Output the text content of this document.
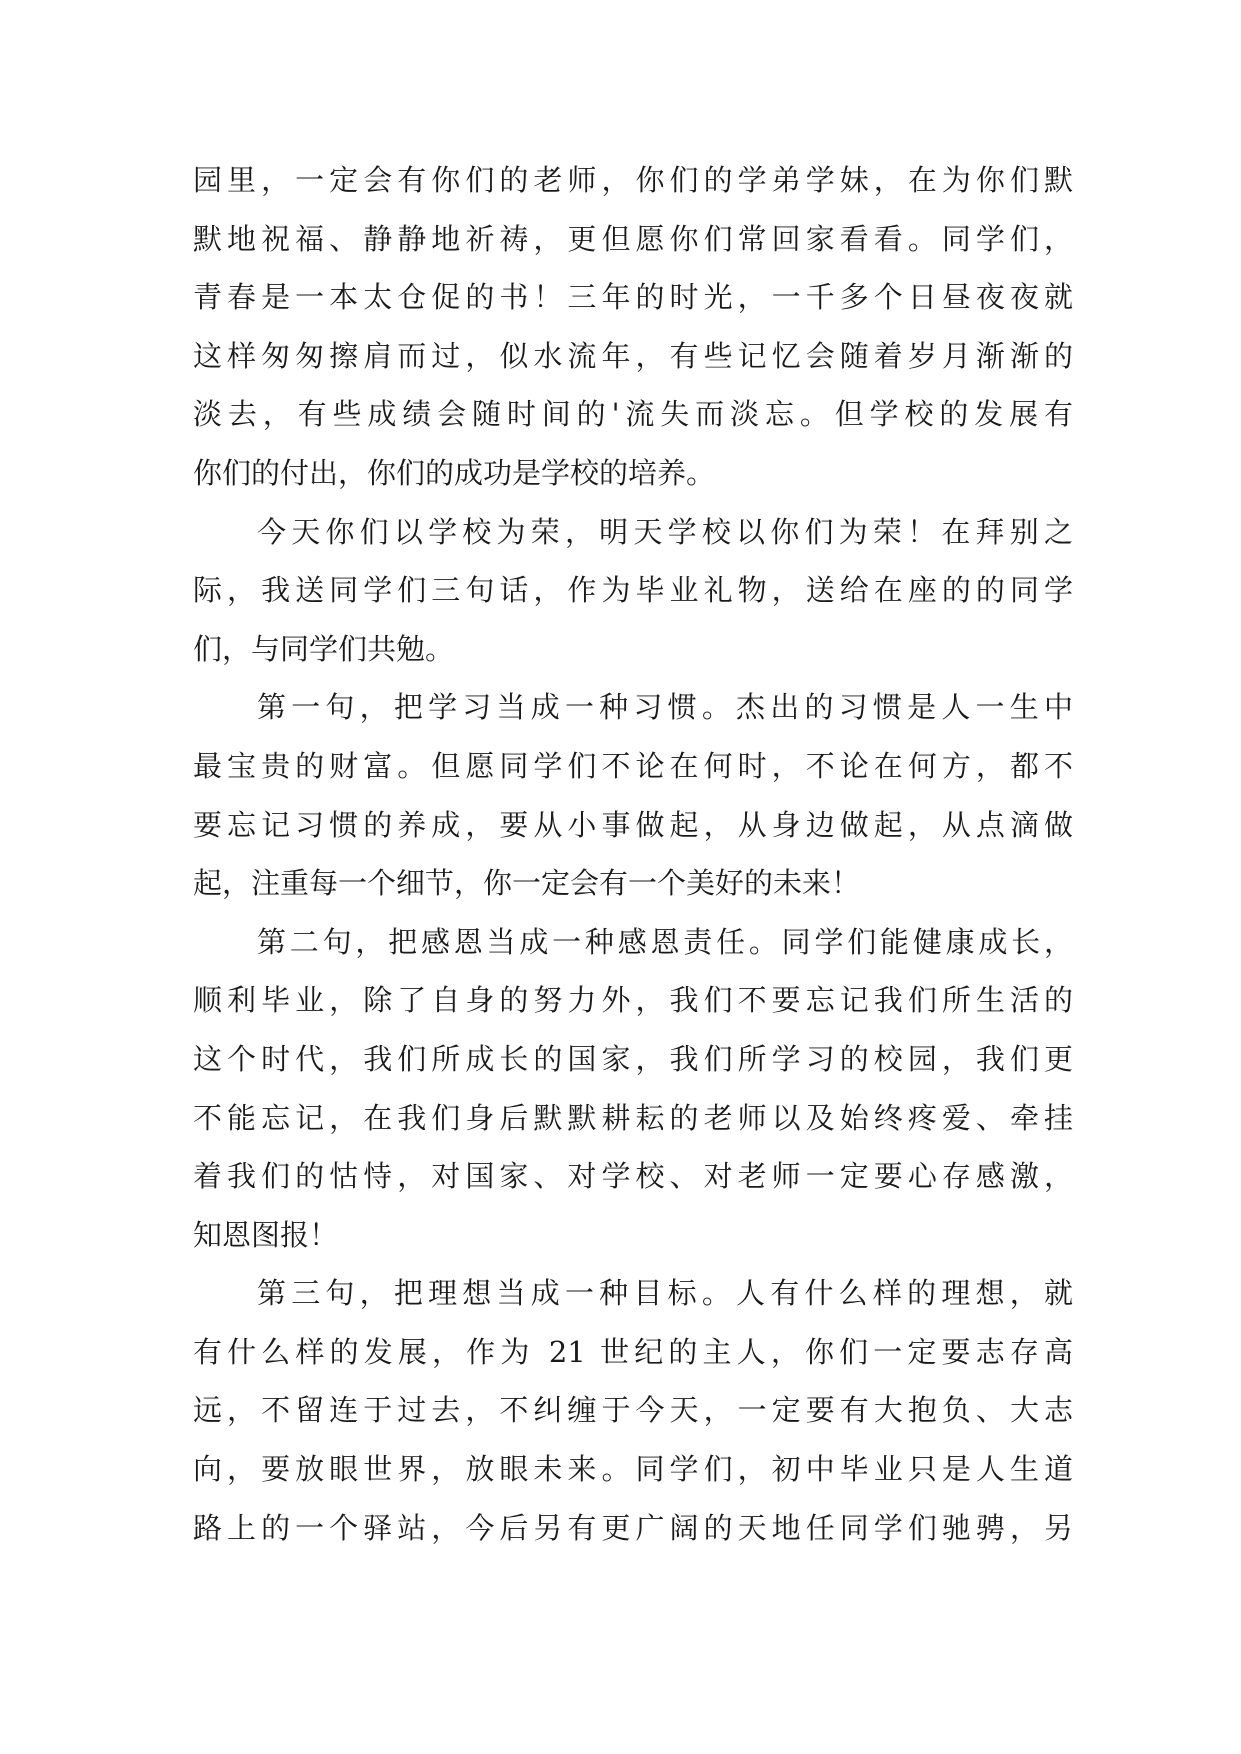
园里，一定会有你们的老师，你们的学弟学妹，在为你们默
默地祝福、静静地祈祷，更但愿你们常回家看看。同学们，
青春是一本太仓促的书！三年的时光，一千多个日昼夜夜就
这样匆匆擦肩而过，似水流年，有些记忆会随着岁月渐渐的
淡去，有些成绩会随时间的'流失而淡忘。但学校的发展有
你们的付出，你们的成功是学校的培养。
今天你们以学校为荣，明天学校以你们为荣！在拜别之
际，我送同学们三句话，作为毕业礼物，送给在座的的同学
们，与同学们共勉。
第一句，把学习当成一种习惯。杰出的习惯是人一生中
最宝贵的财富。但愿同学们不论在何时，不论在何方，都不
要忘记习惯的养成，要从小事做起，从身边做起，从点滴做
起，注重每一个细节，你一定会有一个美好的未来！
第二句，把感恩当成一种感恩责任。同学们能健康成长，
顺利毕业，除了自身的努力外，我们不要忘记我们所生活的
这个时代，我们所成长的国家，我们所学习的校园，我们更
不能忘记，在我们身后默默耕耘的老师以及始终疼爱、牵挂
着我们的怙恃，对国家、对学校、对老师一定要心存感激，
知恩图报！
第三句，把理想当成一种目标。人有什么样的理想，就
有什么样的发展，作为 21 世纪的主人，你们一定要志存高
远，不留连于过去，不纠缠于今天，一定要有大抱负、大志
向，要放眼世界，放眼未来。同学们，初中毕业只是人生道
路上的一个驿站，今后另有更广阔的天地任同学们驰骋，另
